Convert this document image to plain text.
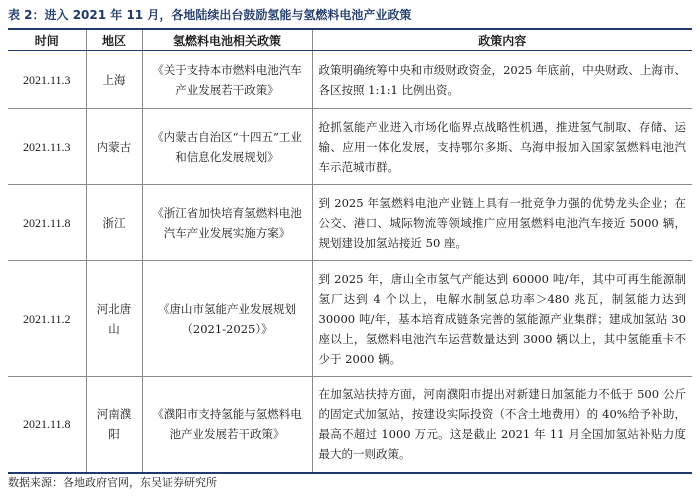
表 2：进入 2021 年 11 月，各地陆续出台鼓励氢能与氢燃料电池产业政策
时间	地区	氢燃料电池相关政策	政策内容
2021.11.3	上海	《关于支持本市燃料电池汽车产业发展若干政策》	政策明确统筹中央和市级财政资金，2025 年底前，中央财政、上海市、各区按照 1:1:1 比例出资。
2021.11.3	内蒙古	《内蒙古自治区“十四五”工业和信息化发展规划》	抢抓氢能产业进入市场化临界点战略性机遇，推进氢气制取、存储、运输、应用一体化发展，支持鄂尔多斯、乌海申报加入国家氢燃料电池汽车示范城市群。
2021.11.8	浙江	《浙江省加快培育氢燃料电池汽车产业发展实施方案》	到 2025 年氢燃料电池产业链上具有一批竞争力强的优势龙头企业；在公交、港口、城际物流等领域推广应用氢燃料电池汽车接近 5000 辆，规划建设加氢站接近 50 座。
2021.11.2	河北唐山	《唐山市氢能产业发展规划（2021-2025）》	到 2025 年，唐山全市氢气产能达到 60000 吨/年，其中可再生能源制氢厂达到 4 个以上，电解水制氢总功率＞480 兆瓦，制氢能力达到 30000 吨/年，基本培育成链条完善的氢能源产业集群；建成加氢站 30 座以上，氢燃料电池汽车运营数量达到 3000 辆以上，其中氢能重卡不少于 2000 辆。
2021.11.8	河南濮阳	《濮阳市支持氢能与氢燃料电池产业发展若干政策》	在加氢站扶持方面，河南濮阳市提出对新建日加氢能力不低于 500 公斤的固定式加氢站，按建设实际投资（不含土地费用）的 40%给予补助，最高不超过 1000 万元。这是截止 2021 年 11 月全国加氢站补贴力度最大的一则政策。
数据来源：各地政府官网，东吴证券研究所
